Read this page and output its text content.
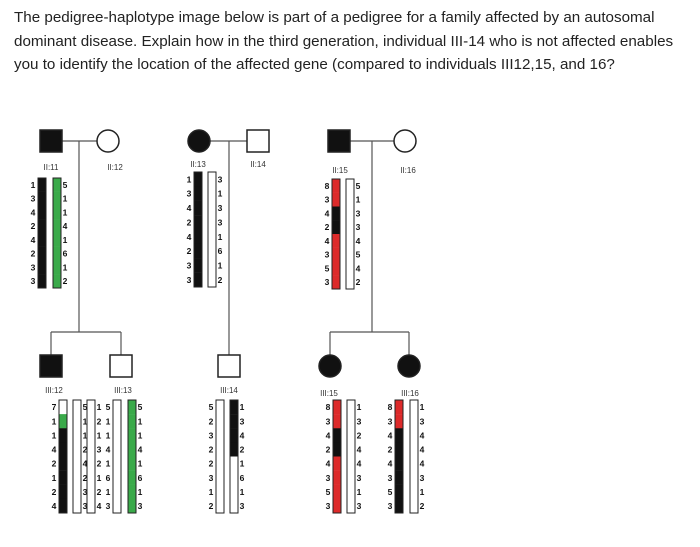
The pedigree-haplotype image below is part of a pedigree for a family affected by an autosomal dominant disease. Explain how in the third generation, individual III-14 who is not affected enables you to identify the location of the affected gene (compared to individuals III12,15, and 16?

II:11	II:12	II:13	II:14
II:15	II:16
III:12	III:13	III:14	III:15	III:16
1
3
4
2
4
2
3
3
5
1
1
4
1
6
1
2
1
3
4
2
4
2
3
3
3
1
3
3
1
6
1
2
8
3
4
2
4
3
5
3
5
1
3
3
4
5
4
2
7
1
1
4
2
1
2
4
5
1
1
2
4
2
3
3
1
2
1
3
2
1
2
4
5
1
1
4
1
6
1
3
5
1
1
4
1
6
1
3
5
2
3
2
2
3
1
2
1
3
4
2
1
6
1
3
8
3
4
2
4
3
5
3
1
3
2
4
4
3
1
3
8
3
4
2
4
3
5
3
1
3
4
4
4
3
1
2
